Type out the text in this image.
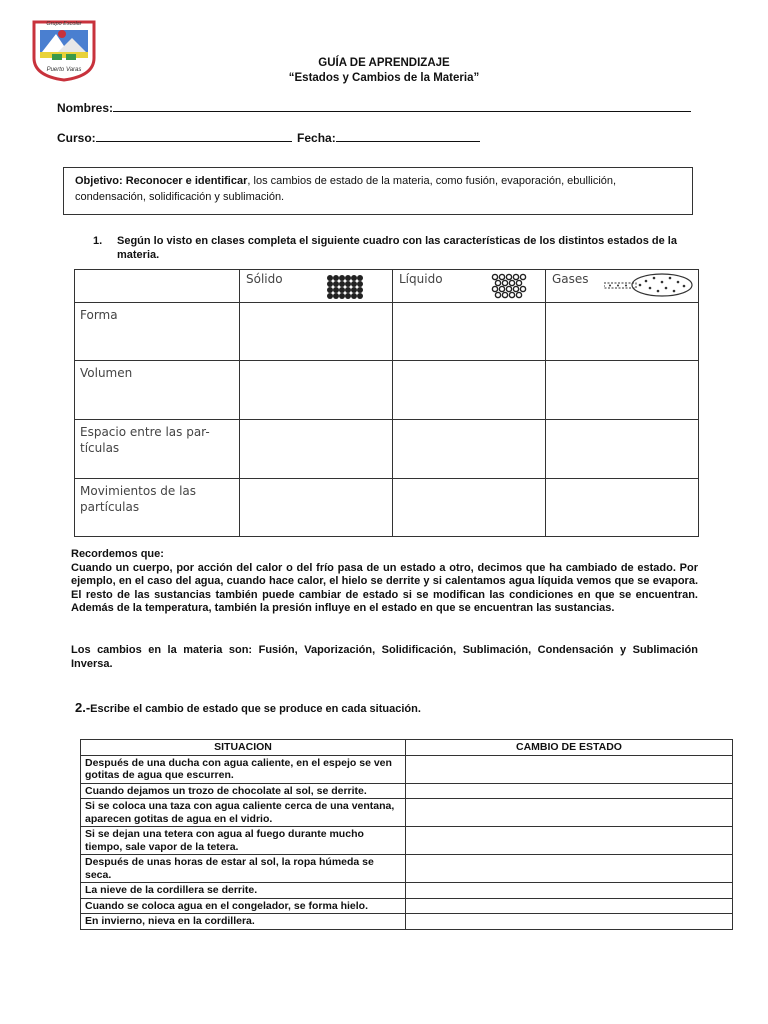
Grupo Escolar
Puerto Varas
GUÍA DE APRENDIZAJE
“Estados y Cambios de la Materia”
Nombres:
Curso:	Fecha:
Objetivo: Reconocer e identificar, los cambios de estado de la materia, como fusión, evaporación, ebullición, condensación, solidificación y sublimación.
1. Según lo visto en clases completa el siguiente cuadro con las características de los distintos estados de la materia.

	Sólido	Líquido	Gases

Forma			
Volumen			
Espacio entre las par-
tículas			
Movimientos de las
partículas			
Recordemos que:
Cuando un cuerpo, por acción del calor o del frío pasa de un estado a otro, decimos que ha cambiado de estado. Por ejemplo, en el caso del agua, cuando hace calor, el hielo se derrite y si calentamos agua líquida vemos que se evapora. El resto de las sustancias también puede cambiar de estado si se modifican las condiciones en que se encuentran. Además de la temperatura, también la presión influye en el estado en que se encuentran las sustancias.
Los cambios en la materia son: Fusión, Vaporización, Solidificación, Sublimación, Condensación y Sublimación Inversa.
2.-Escribe el cambio de estado que se produce en cada situación.
SITUACION	CAMBIO DE ESTADO
Después de una ducha con agua caliente, en el espejo se ven gotitas de agua que escurren.	
Cuando dejamos un trozo de chocolate al sol, se derrite.	
Si se coloca una taza con agua caliente cerca de una ventana, aparecen gotitas de agua en el vidrio.	
Si se dejan una tetera con agua al fuego durante mucho tiempo, sale vapor de la tetera.	
Después de unas horas de estar al sol, la ropa húmeda se seca.	
La nieve de la cordillera se derrite.	
Cuando se coloca agua en el congelador, se forma hielo.	
En invierno, nieva en la cordillera.	
